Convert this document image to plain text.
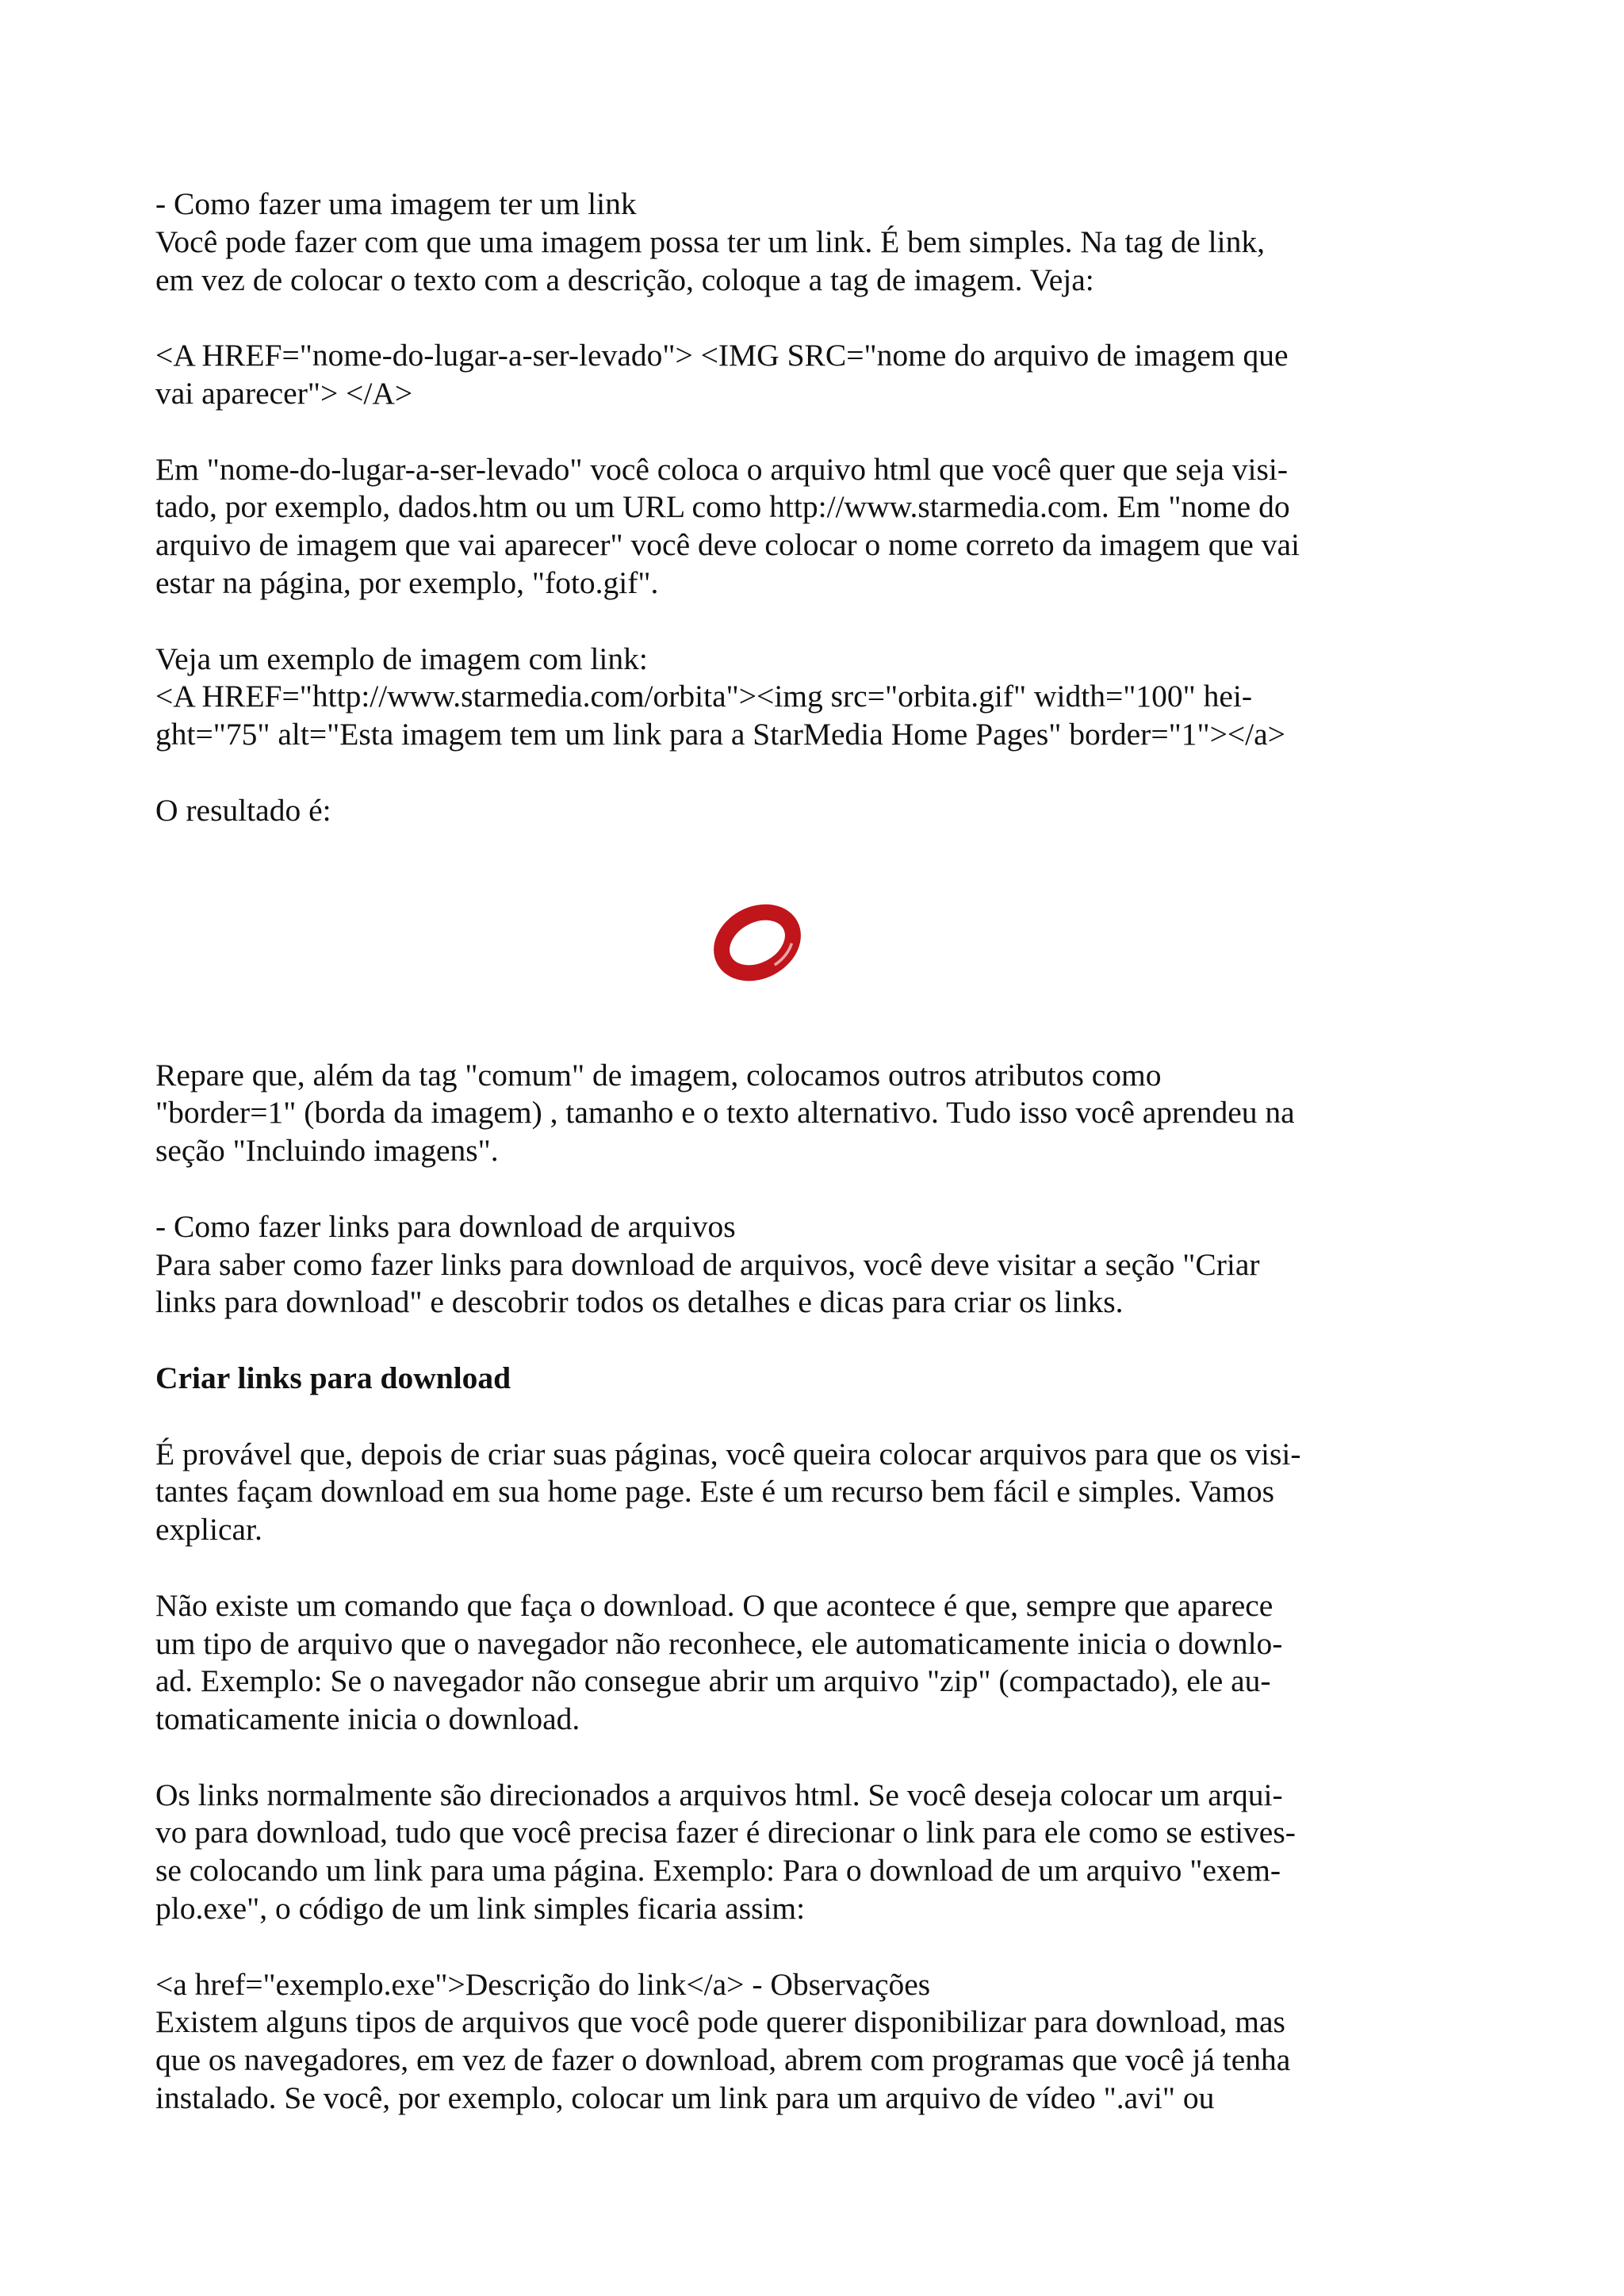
- Como fazer uma imagem ter um link

Você pode fazer com que uma imagem possa ter um link. É bem simples. Na tag de link,
em vez de colocar o texto com a descrição, coloque a tag de imagem. Veja:

<A HREF="nome-do-lugar-a-ser-levado"> <IMG SRC="nome do arquivo de imagem que
vai aparecer"> </A>

Em "nome-do-lugar-a-ser-levado" você coloca o arquivo html que você quer que seja visi-
tado, por exemplo, dados.htm ou um URL como http://www.starmedia.com. Em "nome do
arquivo de imagem que vai aparecer" você deve colocar o nome correto da imagem que vai
estar na página, por exemplo, "foto.gif".

Veja um exemplo de imagem com link:
<A HREF="http://www.starmedia.com/orbita"><img src="orbita.gif" width="100" hei-
ght="75" alt="Esta imagem tem um link para a StarMedia Home Pages" border="1"></a>

O resultado é:

Repare que, além da tag "comum" de imagem, colocamos outros atributos como
"border=1" (borda da imagem) , tamanho e o texto alternativo. Tudo isso você aprendeu na
seção "Incluindo imagens".

- Como fazer links para download de arquivos

Para saber como fazer links para download de arquivos, você deve visitar a seção "Criar
links para download" e descobrir todos os detalhes e dicas para criar os links.

Criar links para download

É provável que, depois de criar suas páginas, você queira colocar arquivos para que os visi-
tantes façam download em sua home page. Este é um recurso bem fácil e simples. Vamos
explicar.

Não existe um comando que faça o download. O que acontece é que, sempre que aparece
um tipo de arquivo que o navegador não reconhece, ele automaticamente inicia o downlo-
ad. Exemplo: Se o navegador não consegue abrir um arquivo "zip" (compactado), ele au-
tomaticamente inicia o download.

Os links normalmente são direcionados a arquivos html. Se você deseja colocar um arqui-
vo para download, tudo que você precisa fazer é direcionar o link para ele como se estives-
se colocando um link para uma página. Exemplo: Para o download de um arquivo "exem-
plo.exe", o código de um link simples ficaria assim:

<a href="exemplo.exe">Descrição do link</a> - Observações
Existem alguns tipos de arquivos que você pode querer disponibilizar para download, mas
que os navegadores, em vez de fazer o download, abrem com programas que você já tenha
instalado. Se você, por exemplo, colocar um link para um arquivo de vídeo ".avi" ou
